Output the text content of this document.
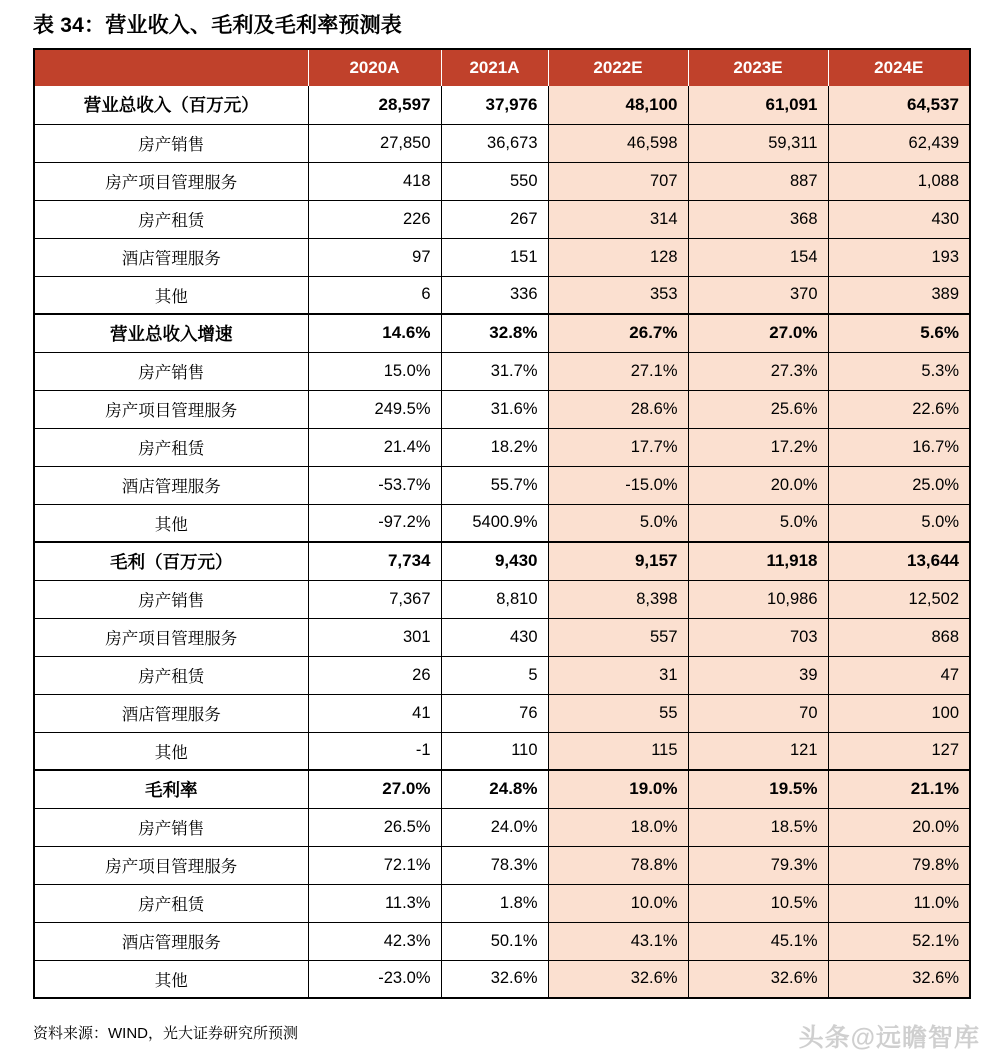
表 34：营业收入、毛利及毛利率预测表
	2020A	2021A	2022E	2023E	2024E
营业总收入（百万元）	28,597	37,976	48,100	61,091	64,537
房产销售	27,850	36,673	46,598	59,311	62,439
房产项目管理服务	418	550	707	887	1,088
房产租赁	226	267	314	368	430
酒店管理服务	97	151	128	154	193
其他	6	336	353	370	389
营业总收入增速	14.6%	32.8%	26.7%	27.0%	5.6%
房产销售	15.0%	31.7%	27.1%	27.3%	5.3%
房产项目管理服务	249.5%	31.6%	28.6%	25.6%	22.6%
房产租赁	21.4%	18.2%	17.7%	17.2%	16.7%
酒店管理服务	-53.7%	55.7%	-15.0%	20.0%	25.0%
其他	-97.2%	5400.9%	5.0%	5.0%	5.0%
毛利（百万元）	7,734	9,430	9,157	11,918	13,644
房产销售	7,367	8,810	8,398	10,986	12,502
房产项目管理服务	301	430	557	703	868
房产租赁	26	5	31	39	47
酒店管理服务	41	76	55	70	100
其他	-1	110	115	121	127
毛利率	27.0%	24.8%	19.0%	19.5%	21.1%
房产销售	26.5%	24.0%	18.0%	18.5%	20.0%
房产项目管理服务	72.1%	78.3%	78.8%	79.3%	79.8%
房产租赁	11.3%	1.8%	10.0%	10.5%	11.0%
酒店管理服务	42.3%	50.1%	43.1%	45.1%	52.1%
其他	-23.0%	32.6%	32.6%	32.6%	32.6%
资料来源：WIND，光大证券研究所预测	头条@远瞻智库
